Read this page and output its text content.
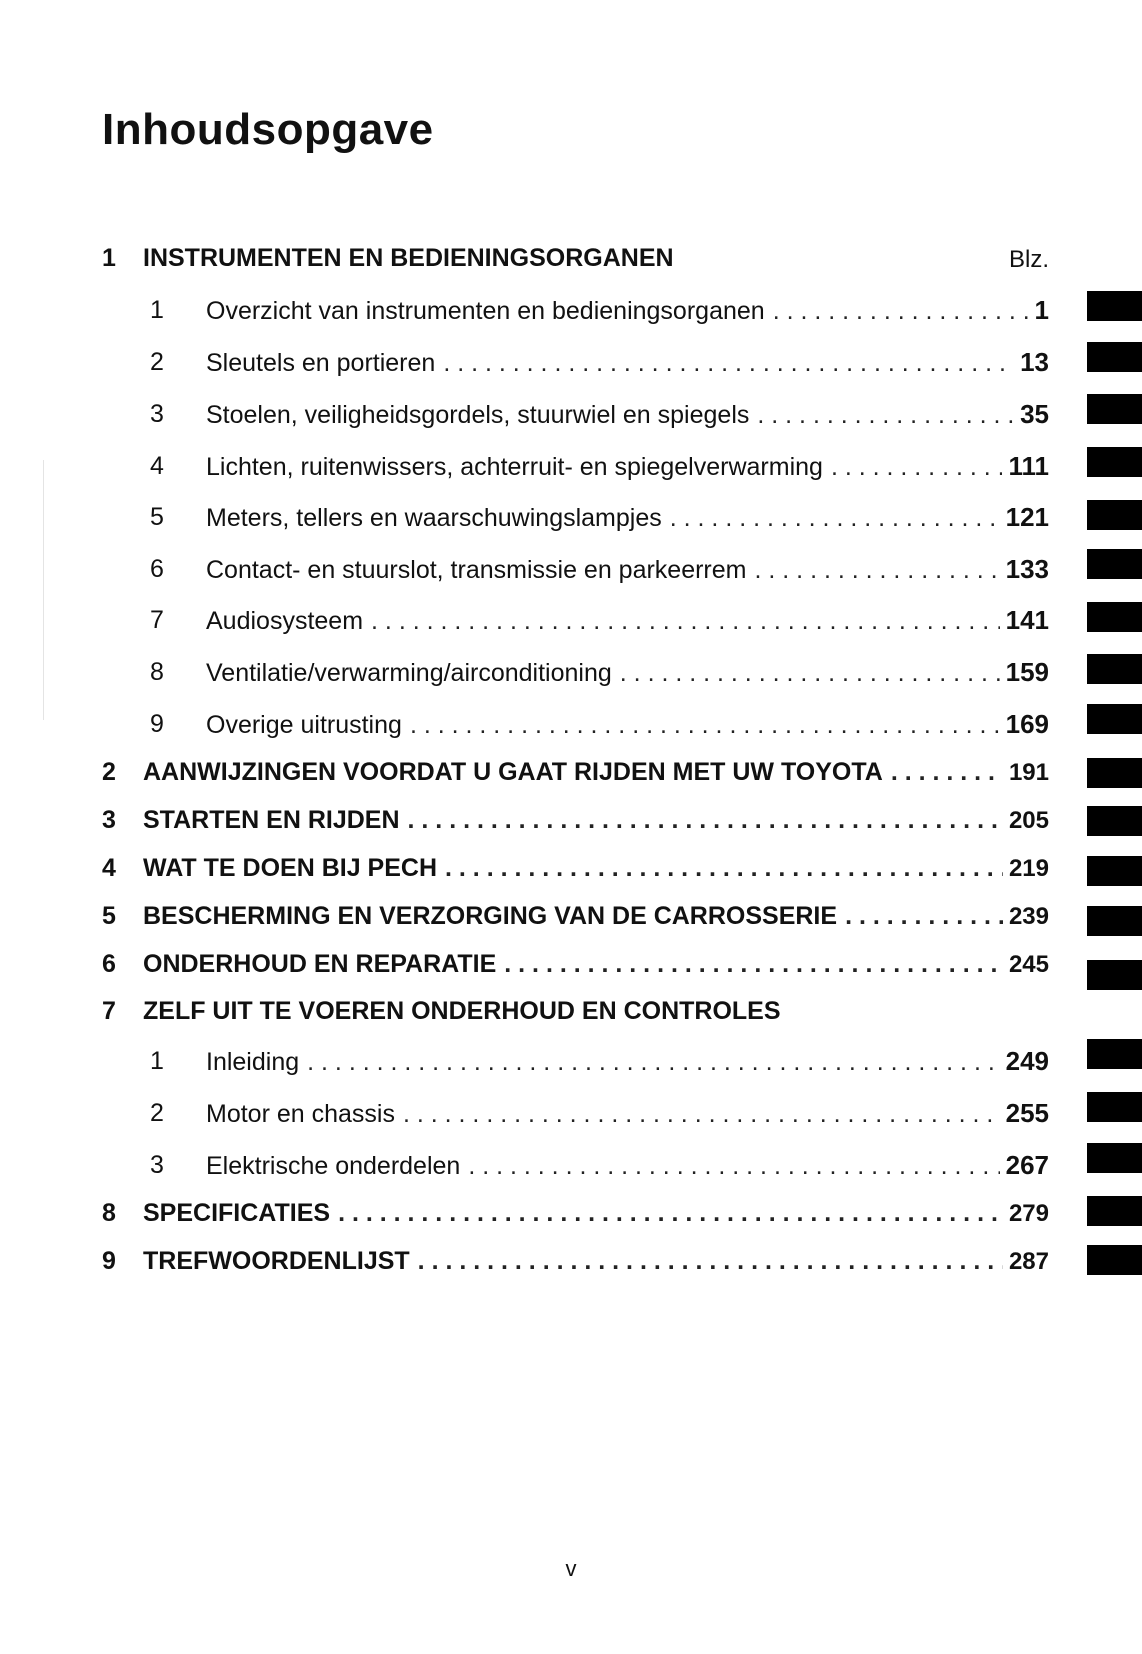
Inhoudsopgave
Blz.
1	INSTRUMENTEN EN BEDIENINGSORGANEN
1	Overzicht van instrumenten en bedieningsorganen . . .	1
2	Sleutels en portieren . . .	13
3	Stoelen, veiligheidsgordels, stuurwiel en spiegels . . .	35
4	Lichten, ruitenwissers, achterruit- en spiegelverwarming . . .	111
5	Meters, tellers en waarschuwingslampjes . . .	121
6	Contact- en stuurslot, transmissie en parkeerrem . . .	133
7	Audiosysteem . . .	141
8	Ventilatie/verwarming/airconditioning . . .	159
9	Overige uitrusting . . .	169
2	AANWIJZINGEN VOORDAT U GAAT RIJDEN MET UW TOYOTA . . .	191
3	STARTEN EN RIJDEN . . .	205
4	WAT TE DOEN BIJ PECH . . .	219
5	BESCHERMING EN VERZORGING VAN DE CARROSSERIE . . .	239
6	ONDERHOUD EN REPARATIE . . .	245
7	ZELF UIT TE VOEREN ONDERHOUD EN CONTROLES
1	Inleiding . . .	249
2	Motor en chassis . . .	255
3	Elektrische onderdelen . . .	267
8	SPECIFICATIES . . .	279
9	TREFWOORDENLIJST . . .	287
v
